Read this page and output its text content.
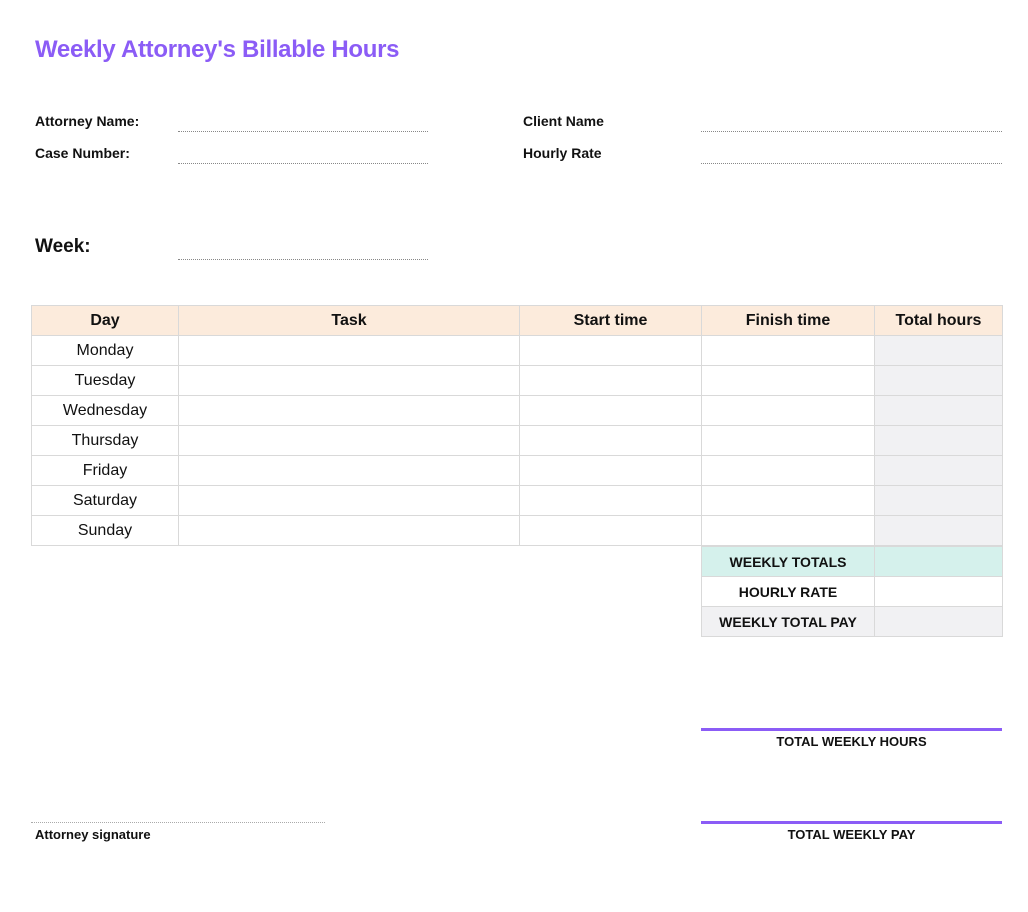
Weekly Attorney's Billable Hours
Attorney Name:
Case Number:
Client Name
Hourly Rate
Week:
Day	Task	Start time	Finish time	Total hours
Monday				
Tuesday				
Wednesday				
Thursday				
Friday				
Saturday				
Sunday				
WEEKLY TOTALS	
HOURLY RATE	
WEEKLY TOTAL PAY	
TOTAL WEEKLY HOURS
TOTAL WEEKLY PAY
Attorney signature
